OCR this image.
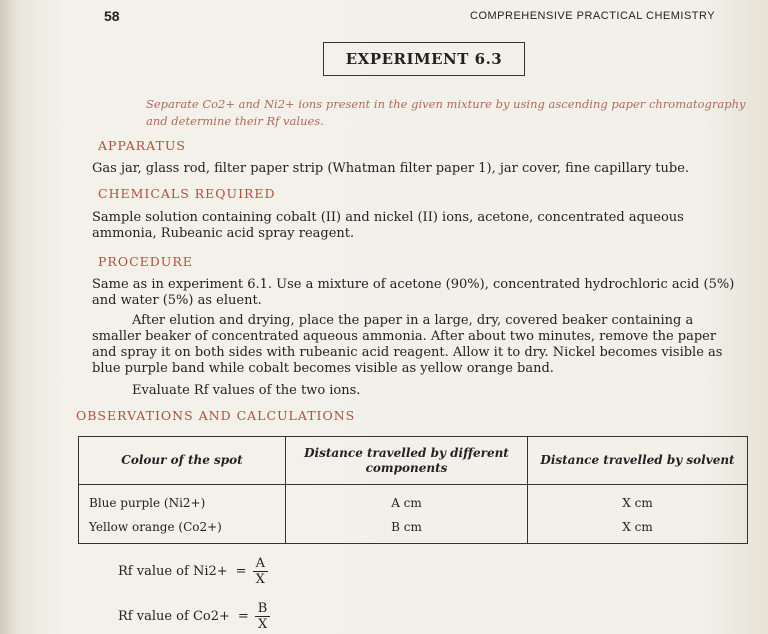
58	COMPREHENSIVE PRACTICAL CHEMISTRY
EXPERIMENT 6.3
Separate Co2+ and Ni2+ ions present in the given mixture by using ascending paper chromatography and determine their Rf values.
APPARATUS
Gas jar, glass rod, filter paper strip (Whatman filter paper 1), jar cover, fine capillary tube.
CHEMICALS REQUIRED
Sample solution containing cobalt (II) and nickel (II) ions, acetone, concentrated aqueous ammonia, Rubeanic acid spray reagent.
PROCEDURE
Same as in experiment 6.1. Use a mixture of acetone (90%), concentrated hydrochloric acid (5%) and water (5%) as eluent.
After elution and drying, place the paper in a large, dry, covered beaker containing a smaller beaker of concentrated aqueous ammonia. After about two minutes, remove the paper and spray it on both sides with rubeanic acid reagent. Allow it to dry. Nickel becomes visible as blue purple band while cobalt becomes visible as yellow orange band.
Evaluate Rf values of the two ions.
OBSERVATIONS AND CALCULATIONS
Colour of the spot	Distance travelled by different components	Distance travelled by solvent

Blue purple (Ni2+)	A cm	X cm
Yellow orange (Co2+)	B cm	X cm
Rf value of $Ni2+ = \frac{A}{X}$
Rf value of $Co2+ = \frac{B}{X}$
